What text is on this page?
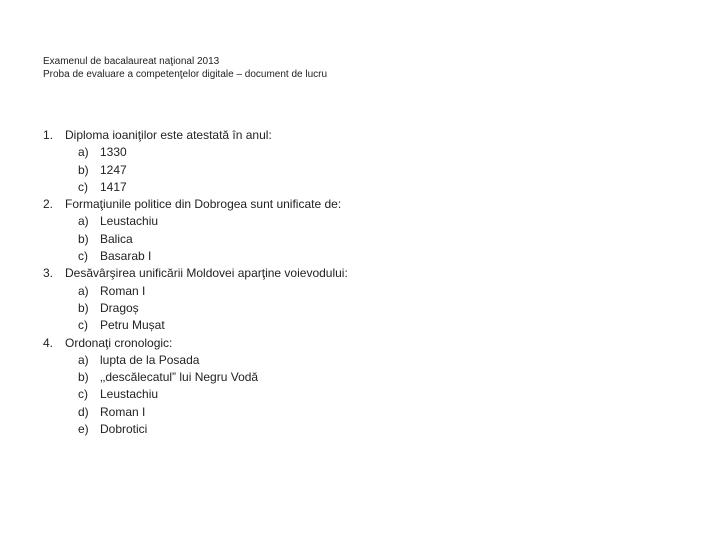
Examenul de bacalaureat naţional 2013
Proba de evaluare a competenţelor digitale – document de lucru
1. Diploma ioaniţilor este atestată în anul:
a) 1330
b) 1247
c)	1417
2. Formaţiunile politice din Dobrogea sunt unificate de:
a) Leustachiu
b) Balica
c)	Basarab I
3. Desăvârşirea unificării Moldovei aparţine voievodului:
a) Roman I
b) Dragoș
c)	Petru Mușat
4. Ordonaţi cronologic:
a) lupta de la Posada
b) ‚‚descălecatul” lui Negru Vodă
c)	Leustachiu
d) Roman I
e) Dobrotici
